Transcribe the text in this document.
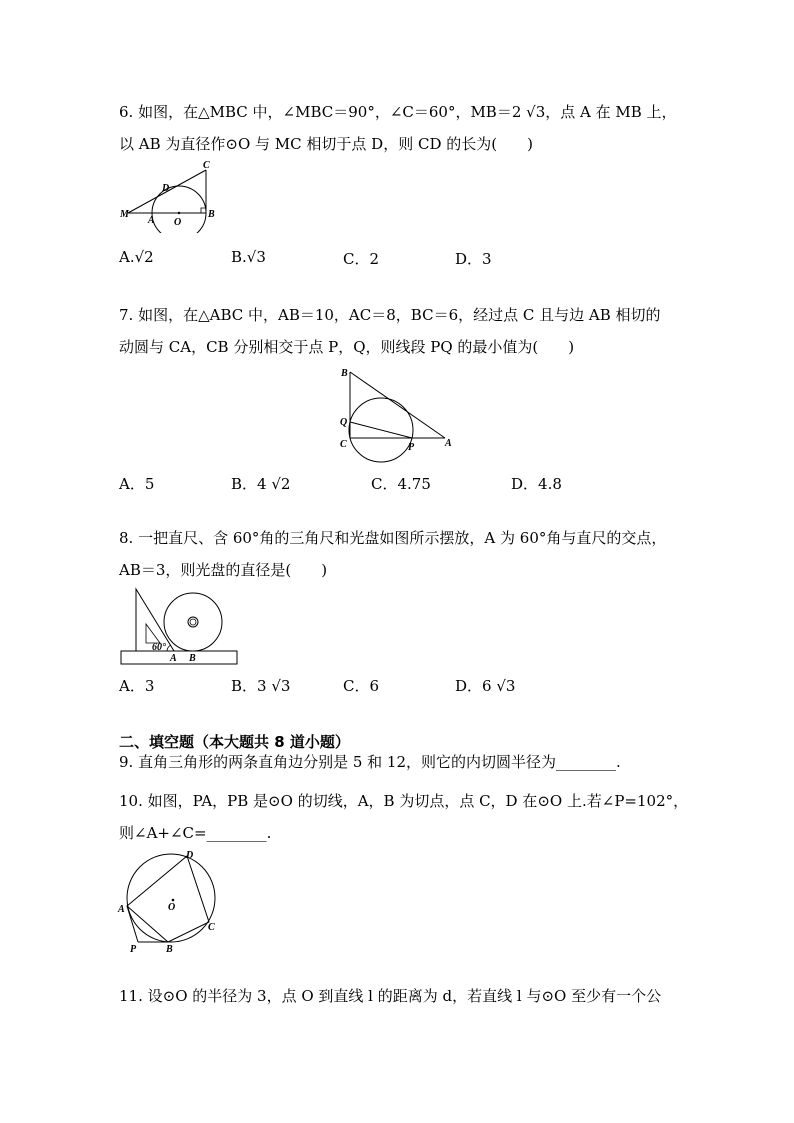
6. 如图，在△MBC 中，∠MBC＝90°，∠C＝60°，MB＝2 √3，点 A 在 MB 上，
以 AB 为直径作⊙O 与 MC 相切于点 D，则 CD 的长为(　　)
C
D
M
A O
B
A.√2	B.√3	C．2	D．3
7. 如图，在△ABC 中，AB＝10，AC＝8，BC＝6，经过点 C 且与边 AB 相切的
动圆与 CA，CB 分别相交于点 P，Q，则线段 PQ 的最小值为(　　)
B
Q
C	P	A
A．5	B．4 √2	C．4.75	D．4.8
8. 一把直尺、含 60°角的三角尺和光盘如图所示摆放，A 为 60°角与直尺的交点，
AB＝3，则光盘的直径是(　　)
60°
A B
A．3	B．3 √3	C．6	D．6 √3
二、填空题（本大题共 8 道小题）
9. 直角三角形的两条直角边分别是 5 和 12，则它的内切圆半径为________.
10. 如图，PA，PB 是⊙O 的切线，A，B 为切点，点 C，D 在⊙O 上.若∠P=102°，
则∠A+∠C=________.
D
A	O
C
P	B
11. 设⊙O 的半径为 3，点 O 到直线 l 的距离为 d，若直线 l 与⊙O 至少有一个公
